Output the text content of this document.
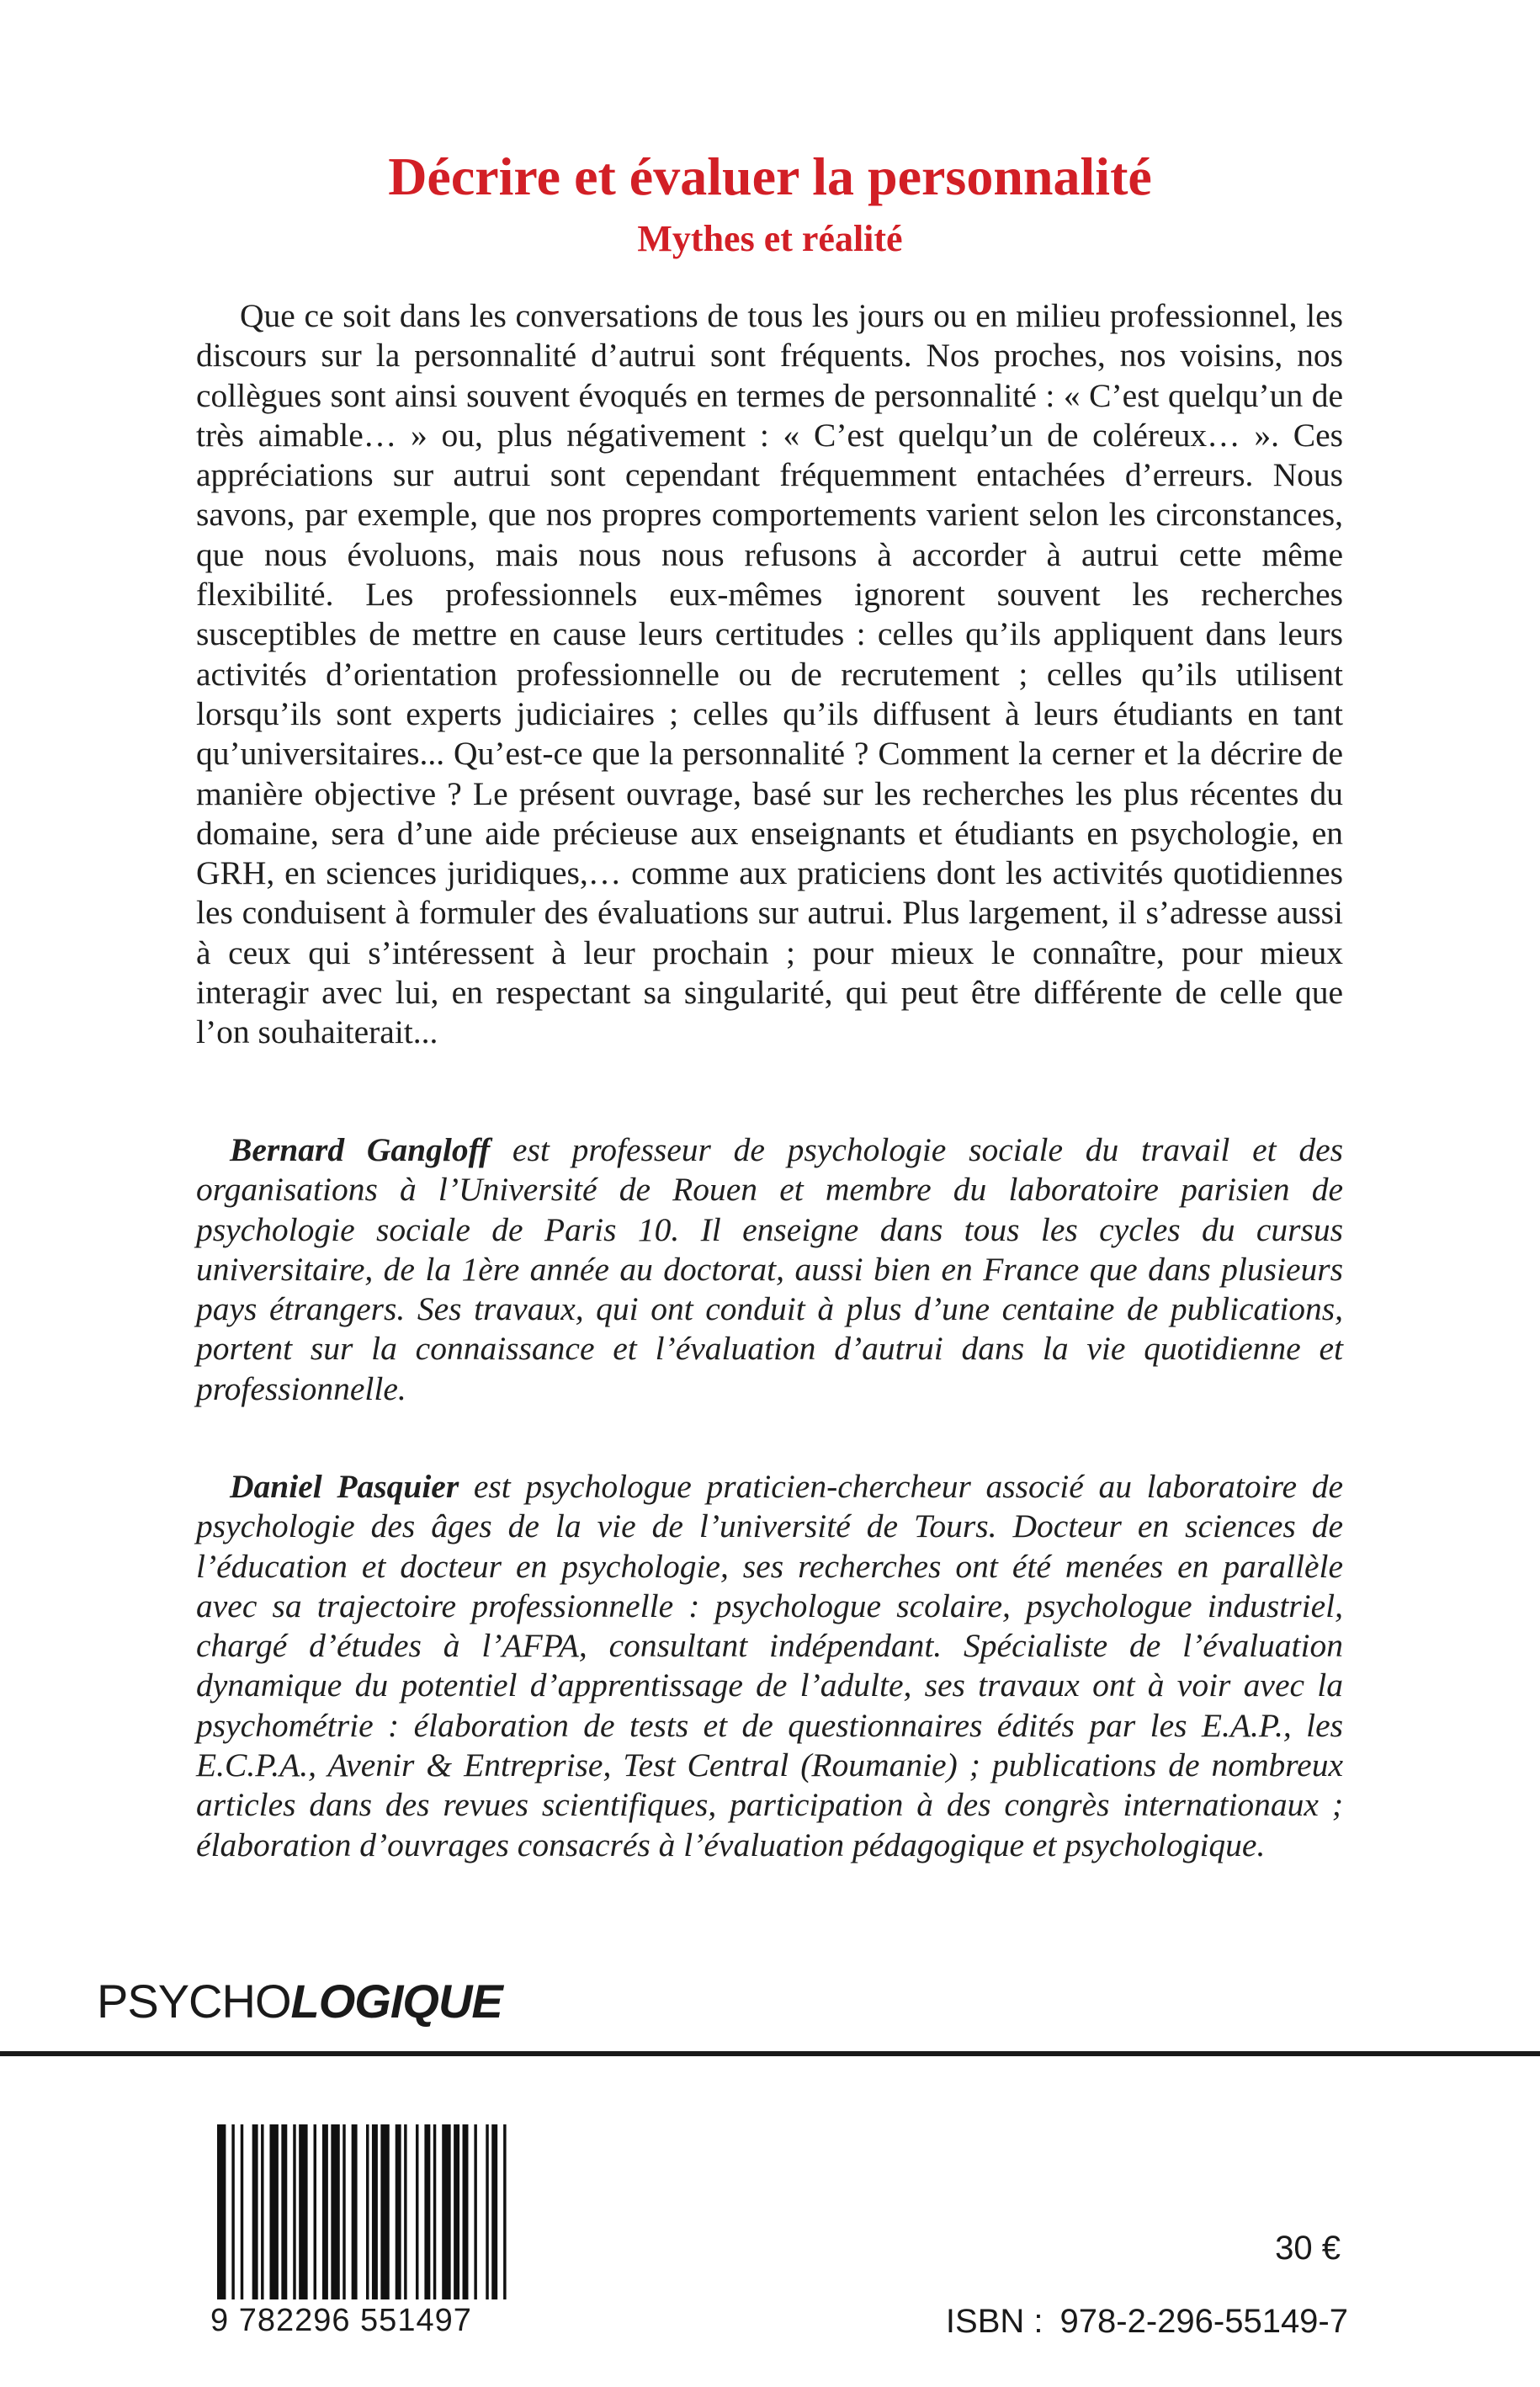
Décrire et évaluer la personnalité
Mythes et réalité

Que ce soit dans les conversations de tous les jours ou en milieu professionnel, les discours sur la personnalité d’autrui sont fréquents. Nos proches, nos voisins, nos collègues sont ainsi souvent évoqués en termes de personnalité : « C’est quelqu’un de très aimable… » ou, plus négativement : « C’est quelqu’un de coléreux… ». Ces appréciations sur autrui sont cependant fréquemment entachées d’erreurs. Nous savons, par exemple, que nos propres comportements varient selon les circonstances, que nous évoluons, mais nous nous refusons à accorder à autrui cette même flexibilité. Les professionnels eux-mêmes ignorent souvent les recherches susceptibles de mettre en cause leurs certitudes : celles qu’ils appliquent dans leurs activités d’orientation professionnelle ou de recrutement ; celles qu’ils utilisent lorsqu’ils sont experts judiciaires ; celles qu’ils diffusent à leurs étudiants en tant qu’universitaires... Qu’est-ce que la personnalité ? Comment la cerner et la décrire de manière objective ? Le présent ouvrage, basé sur les recherches les plus récentes du domaine, sera d’une aide précieuse aux enseignants et étudiants en psychologie, en GRH, en sciences juridiques,… comme aux praticiens dont les activités quotidiennes les conduisent à formuler des évaluations sur autrui. Plus largement, il s’adresse aussi à ceux qui s’intéressent à leur prochain ; pour mieux le connaître, pour mieux interagir avec lui, en respectant sa singularité, qui peut être différente de celle que l’on souhaiterait...

Bernard Gangloff est professeur de psychologie sociale du travail et des organisations à l’Université de Rouen et membre du laboratoire parisien de psychologie sociale de Paris 10. Il enseigne dans tous les cycles du cursus universitaire, de la 1ère année au doctorat, aussi bien en France que dans plusieurs pays étrangers. Ses travaux, qui ont conduit à plus d’une centaine de publications, portent sur la connaissance et l’évaluation d’autrui dans la vie quotidienne et professionnelle.

Daniel Pasquier est psychologue praticien-chercheur associé au laboratoire de psychologie des âges de la vie de l’université de Tours. Docteur en sciences de l’éducation et docteur en psychologie, ses recherches ont été menées en parallèle avec sa trajectoire professionnelle : psychologue scolaire, psychologue industriel, chargé d’études à l’AFPA, consultant indépendant. Spécialiste de l’évaluation dynamique du potentiel d’apprentissage de l’adulte, ses travaux ont à voir avec la psychométrie : élaboration de tests et de questionnaires édités par les E.A.P., les E.C.P.A., Avenir & Entreprise, Test Central (Roumanie) ; publications de nombreux articles dans des revues scientifiques, participation à des congrès internationaux ; élaboration d’ouvrages consacrés à l’évaluation pédagogique et psychologique.

PSYCHOLOGIQUE
9 782296 551497
30 €
ISBN : 978-2-296-55149-7
